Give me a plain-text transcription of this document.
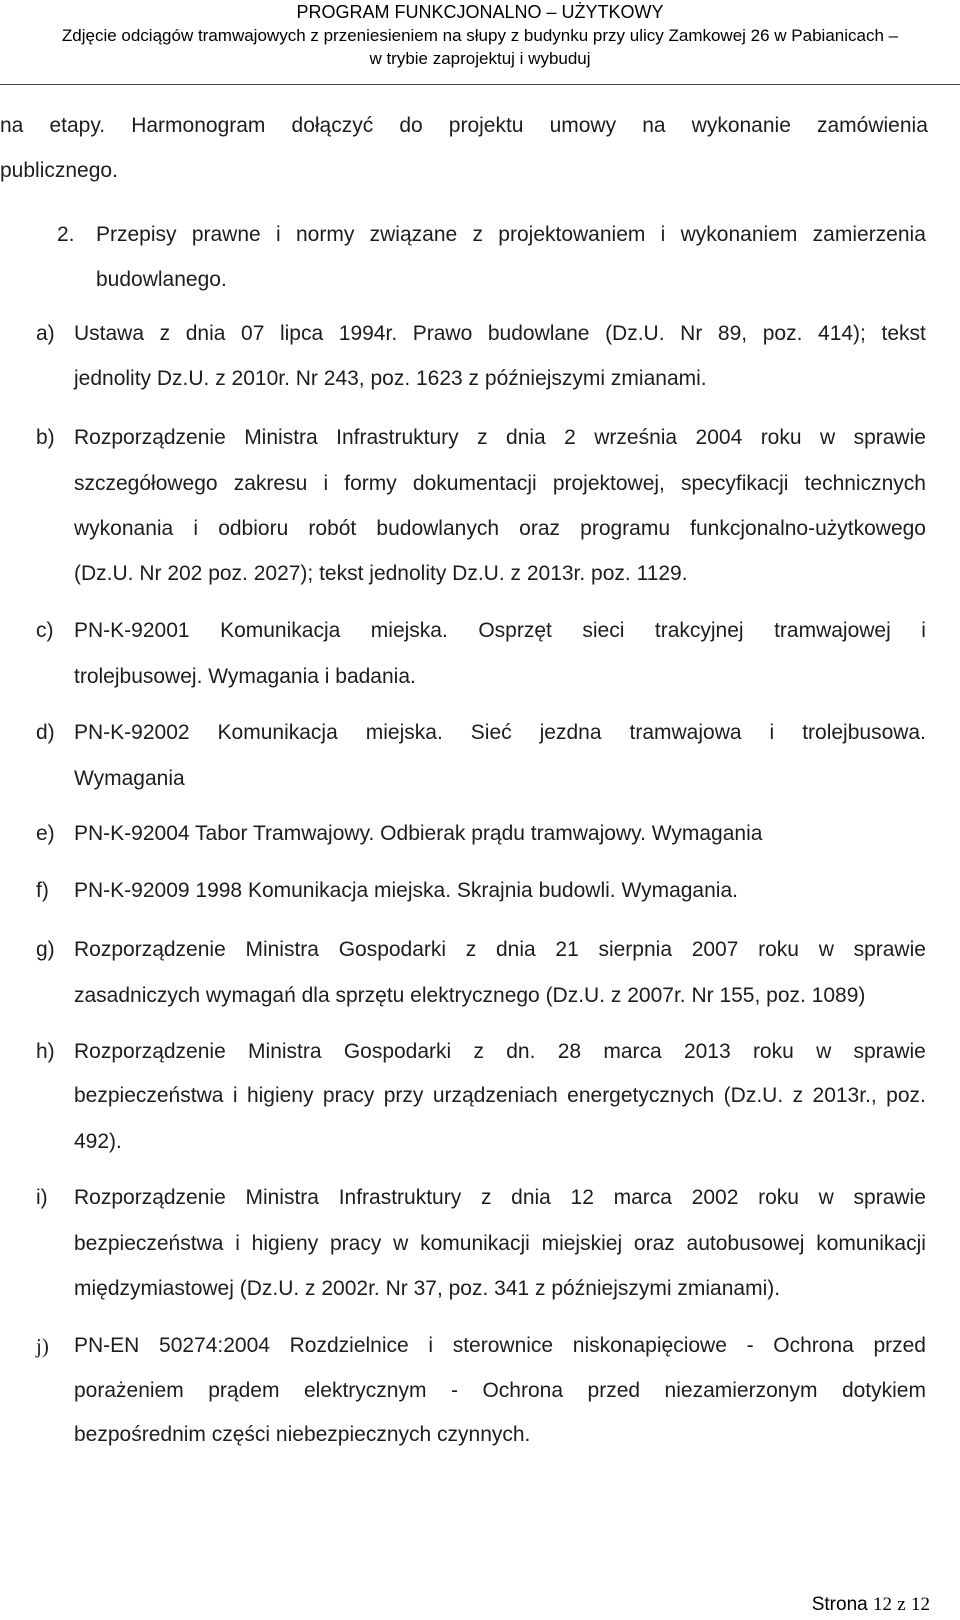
PROGRAM FUNKCJONALNO – UŻYTKOWY
Zdjęcie odciągów tramwajowych z przeniesieniem na słupy z budynku przy ulicy Zamkowej 26 w Pabianicach –
w trybie zaprojektuj i wybuduj
na etapy. Harmonogram dołączyć do projektu umowy na wykonanie zamówienia
publicznego.
2. Przepisy prawne i normy związane z projektowaniem i wykonaniem zamierzenia
budowlanego.
a) Ustawa z dnia 07 lipca 1994r. Prawo budowlane (Dz.U. Nr 89, poz. 414); tekst
jednolity Dz.U. z 2010r. Nr 243, poz. 1623 z późniejszymi zmianami.
b) Rozporządzenie Ministra Infrastruktury z dnia 2 września 2004 roku w sprawie
szczegółowego zakresu i formy dokumentacji projektowej, specyfikacji technicznych
wykonania i odbioru robót budowlanych oraz programu funkcjonalno-użytkowego
(Dz.U. Nr 202 poz. 2027); tekst jednolity Dz.U. z 2013r. poz. 1129.
c) PN-K-92001 Komunikacja miejska. Osprzęt sieci trakcyjnej tramwajowej i
trolejbusowej. Wymagania i badania.
d) PN-K-92002 Komunikacja miejska. Sieć jezdna tramwajowa i trolejbusowa.
Wymagania
e) PN-K-92004 Tabor Tramwajowy. Odbierak prądu tramwajowy. Wymagania
f) PN-K-92009 1998 Komunikacja miejska. Skrajnia budowli. Wymagania.
g) Rozporządzenie Ministra Gospodarki z dnia 21 sierpnia 2007 roku w sprawie
zasadniczych wymagań dla sprzętu elektrycznego (Dz.U. z 2007r. Nr 155, poz. 1089)
h) Rozporządzenie Ministra Gospodarki z dn. 28 marca 2013 roku w sprawie
bezpieczeństwa i higieny pracy przy urządzeniach energetycznych (Dz.U. z 2013r., poz.
492).
i) Rozporządzenie Ministra Infrastruktury z dnia 12 marca 2002 roku w sprawie
bezpieczeństwa i higieny pracy w komunikacji miejskiej oraz autobusowej komunikacji
międzymiastowej (Dz.U. z 2002r. Nr 37, poz. 341 z późniejszymi zmianami).
j) PN-EN 50274:2004 Rozdzielnice i sterownice niskonapięciowe - Ochrona przed
porażeniem prądem elektrycznym - Ochrona przed niezamierzonym dotykiem
bezpośrednim części niebezpiecznych czynnych.
Strona 12 z 12
